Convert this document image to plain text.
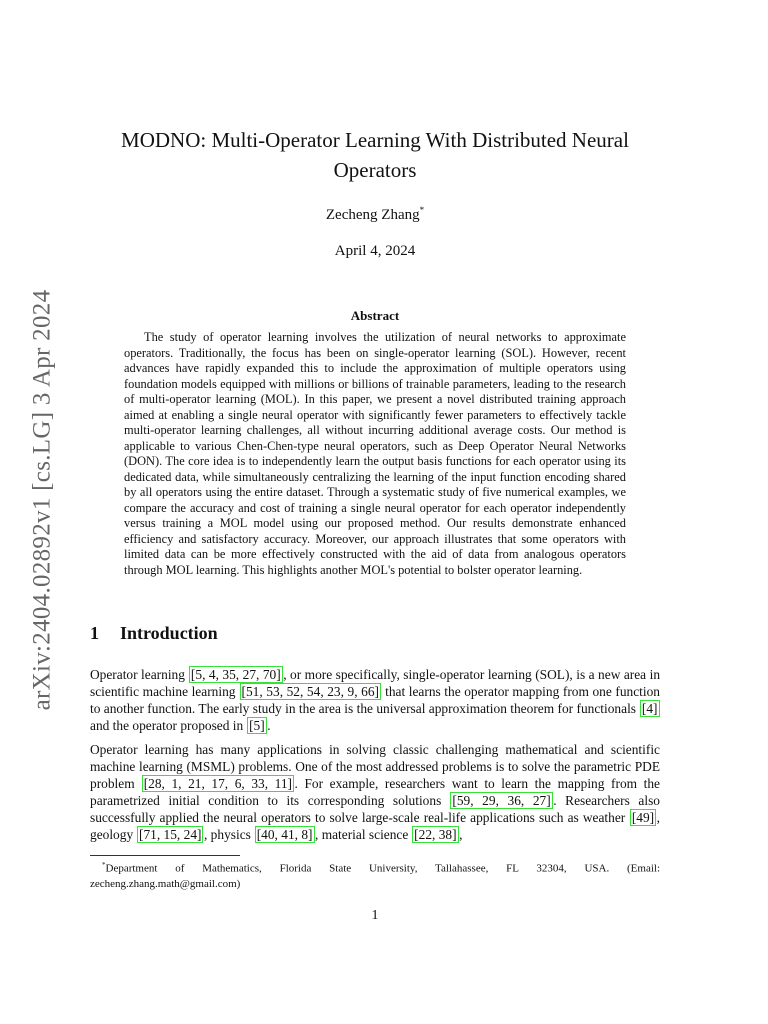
arXiv:2404.02892v1 [cs.LG] 3 Apr 2024
MODNO: Multi-Operator Learning With Distributed Neural Operators
Zecheng Zhang*
April 4, 2024
Abstract
The study of operator learning involves the utilization of neural networks to approximate operators. Traditionally, the focus has been on single-operator learning (SOL). However, recent advances have rapidly expanded this to include the approximation of multiple operators using foundation models equipped with millions or billions of trainable parameters, leading to the research of multi-operator learning (MOL). In this paper, we present a novel distributed training approach aimed at enabling a single neural operator with significantly fewer parameters to effectively tackle multi-operator learning challenges, all without incurring additional average costs. Our method is applicable to various Chen-Chen-type neural operators, such as Deep Operator Neural Networks (DON). The core idea is to independently learn the output basis functions for each operator using its dedicated data, while simultaneously centralizing the learning of the input function encoding shared by all operators using the entire dataset. Through a systematic study of five numerical examples, we compare the accuracy and cost of training a single neural operator for each operator independently versus training a MOL model using our proposed method. Our results demonstrate enhanced efficiency and satisfactory accuracy. Moreover, our approach illustrates that some operators with limited data can be more effectively constructed with the aid of data from analogous operators through MOL learning. This highlights another MOL's potential to bolster operator learning.
1 Introduction
Operator learning [5, 4, 35, 27, 70] , or more specifically, single-operator learning (SOL), is a new area in scientific machine learning [51, 53, 52, 54, 23, 9, 66] that learns the operator mapping from one function to another function. The early study in the area is the universal approximation theorem for functionals [4] and the operator proposed in [5] .
Operator learning has many applications in solving classic challenging mathematical and scientific machine learning (MSML) problems. One of the most addressed problems is to solve the parametric PDE problem [28, 1, 21, 17, 6, 33, 11] . For example, researchers want to learn the mapping from the parametrized initial condition to its corresponding solutions [59, 29, 36, 27] . Researchers also successfully applied the neural operators to solve large-scale real-life applications such as weather [49] , geology [71, 15, 24] , physics [40, 41, 8] , material science [22, 38] ,
*Department of Mathematics, Florida State University, Tallahassee, FL 32304, USA. (Email: zecheng.zhang.math@gmail.com)
1
